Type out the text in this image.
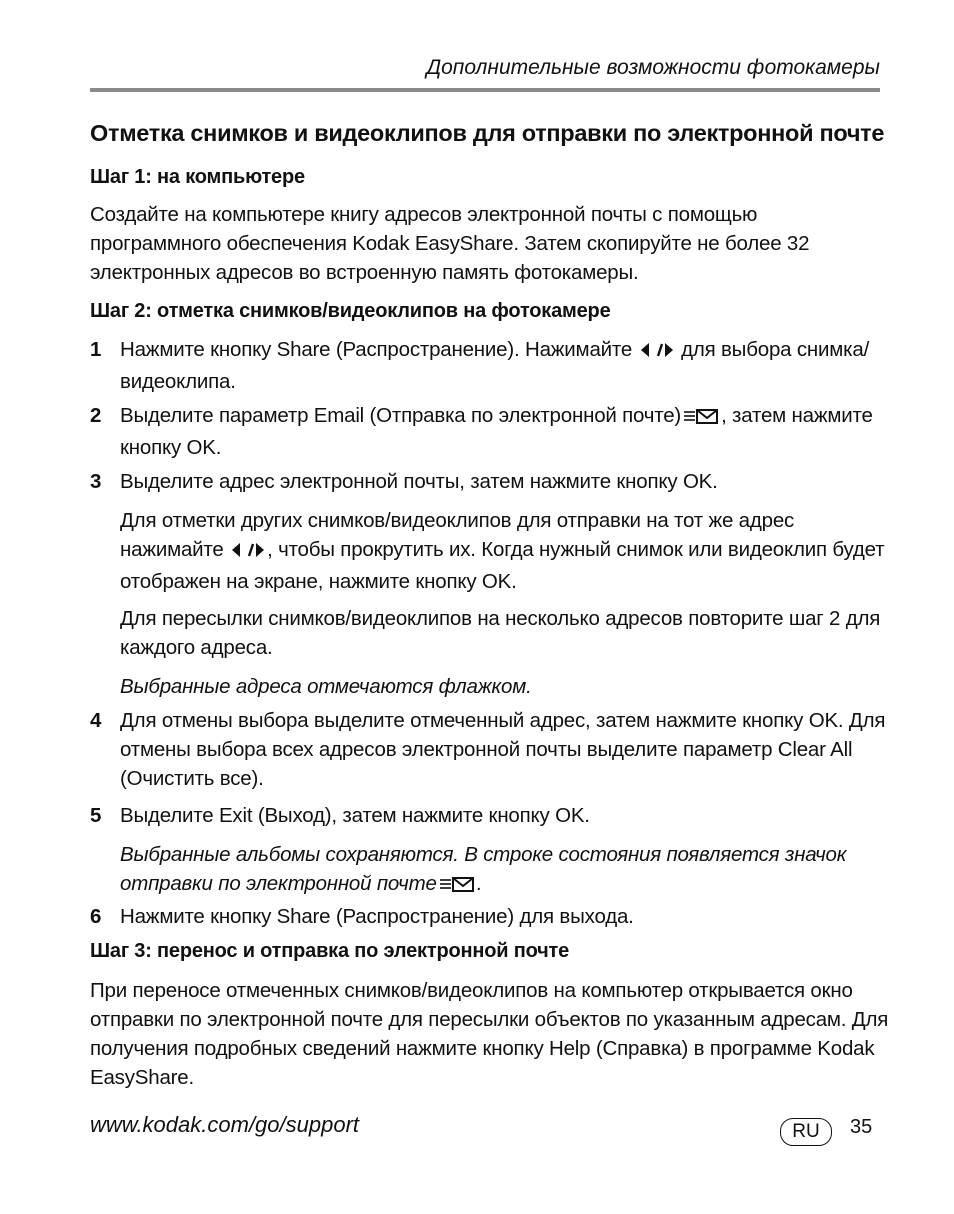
Дополнительные возможности фотокамеры
Отметка снимков и видеоклипов для отправки по электронной почте
Шаг 1: на компьютере
Создайте на компьютере книгу адресов электронной почты с помощью программного обеспечения Kodak EasyShare. Затем скопируйте не более 32 электронных адресов во встроенную память фотокамеры.
Шаг 2: отметка снимков/видеоклипов на фотокамере
1 Нажмите кнопку Share (Распространение). Нажимайте для выбора снимка/видеоклипа.
2 Выделите параметр Email (Отправка по электронной почте) , затем нажмите кнопку OK.
3 Выделите адрес электронной почты, затем нажмите кнопку OK.
Для отметки других снимков/видеоклипов для отправки на тот же адрес нажимайте , чтобы прокрутить их. Когда нужный снимок или видеоклип будет отображен на экране, нажмите кнопку OK.
Для пересылки снимков/видеоклипов на несколько адресов повторите шаг 2 для каждого адреса.
Выбранные адреса отмечаются флажком.
4 Для отмены выбора выделите отмеченный адрес, затем нажмите кнопку OK. Для отмены выбора всех адресов электронной почты выделите параметр Clear All (Очистить все).
5 Выделите Exit (Выход), затем нажмите кнопку OK.
Выбранные альбомы сохраняются. В строке состояния появляется значок отправки по электронной почте .
6 Нажмите кнопку Share (Распространение) для выхода.
Шаг 3: перенос и отправка по электронной почте
При переносе отмеченных снимков/видеоклипов на компьютер открывается окно отправки по электронной почте для пересылки объектов по указанным адресам. Для получения подробных сведений нажмите кнопку Help (Справка) в программе Kodak EasyShare.
www.kodak.com/go/support	RU	35
